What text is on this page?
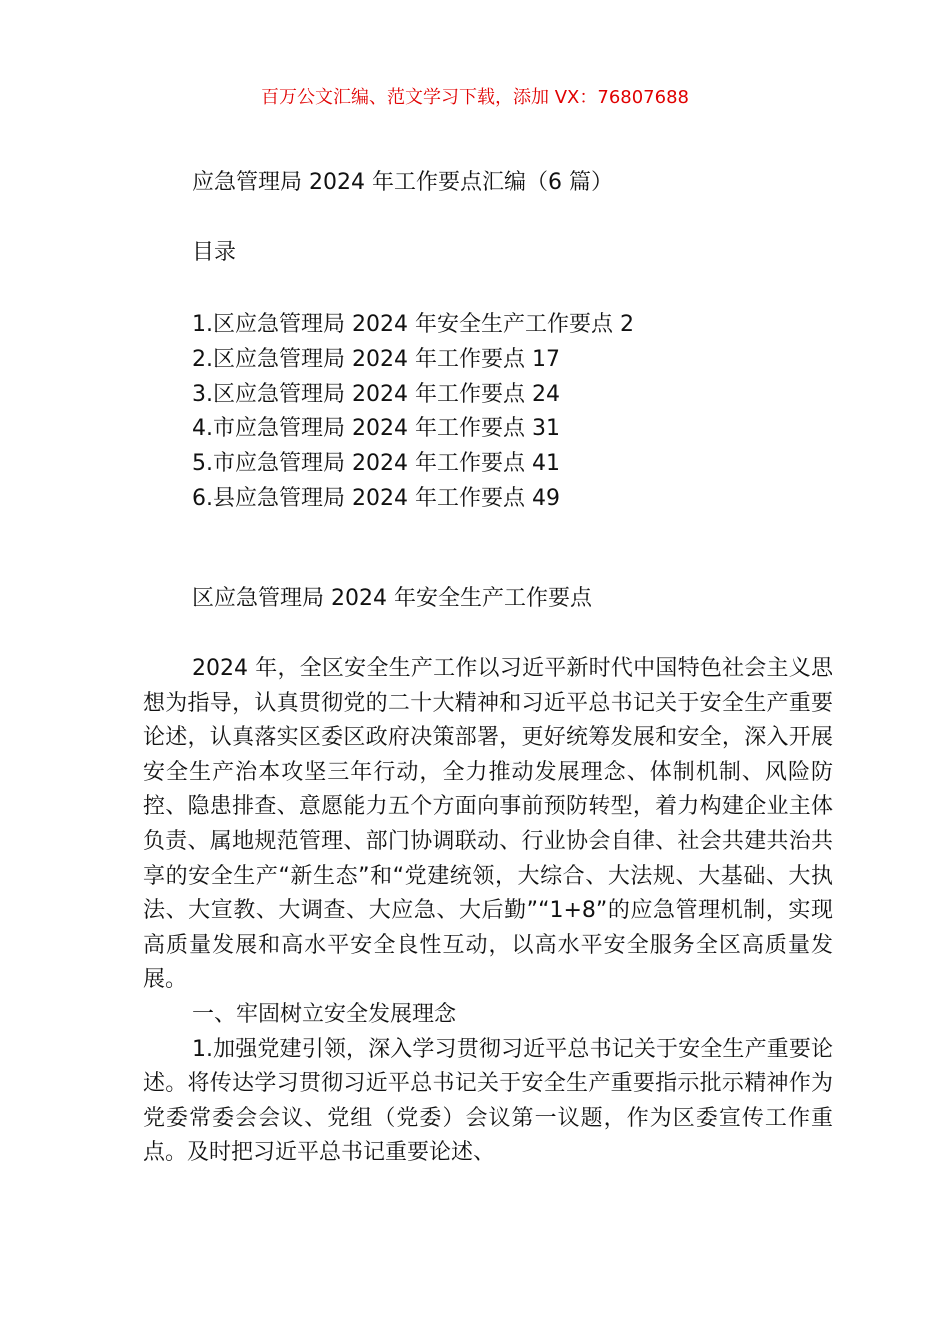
百万公文汇编、范文学习下载，添加 VX：76807688
应急管理局 2024 年工作要点汇编（6 篇）
目录
1.区应急管理局 2024 年安全生产工作要点 2
2.区应急管理局 2024 年工作要点 17
3.区应急管理局 2024 年工作要点 24
4.市应急管理局 2024 年工作要点 31
5.市应急管理局 2024 年工作要点 41
6.县应急管理局 2024 年工作要点 49
区应急管理局 2024 年安全生产工作要点

2024 年，全区安全生产工作以习近平新时代中国特色社会主义思想为指导，认真贯彻党的二十大精神和习近平总书记关于安全生产重要论述，认真落实区委区政府决策部署，更好统筹发展和安全，深入开展安全生产治本攻坚三年行动，全力推动发展理念、体制机制、风险防控、隐患排查、意愿能力五个方面向事前预防转型，着力构建企业主体负责、属地规范管理、部门协调联动、行业协会自律、社会共建共治共享的安全生产“新生态”和“党建统领，大综合、大法规、大基础、大执法、大宣教、大调查、大应急、大后勤”“1+8”的应急管理机制，实现高质量发展和高水平安全良性互动，以高水平安全服务全区高质量发展。

一、牢固树立安全发展理念

1.加强党建引领，深入学习贯彻习近平总书记关于安全生产重要论述。将传达学习贯彻习近平总书记关于安全生产重要指示批示精神作为党委常委会会议、党组（党委）会议第一议题，作为区委宣传工作重点。及时把习近平总书记重要论述、
